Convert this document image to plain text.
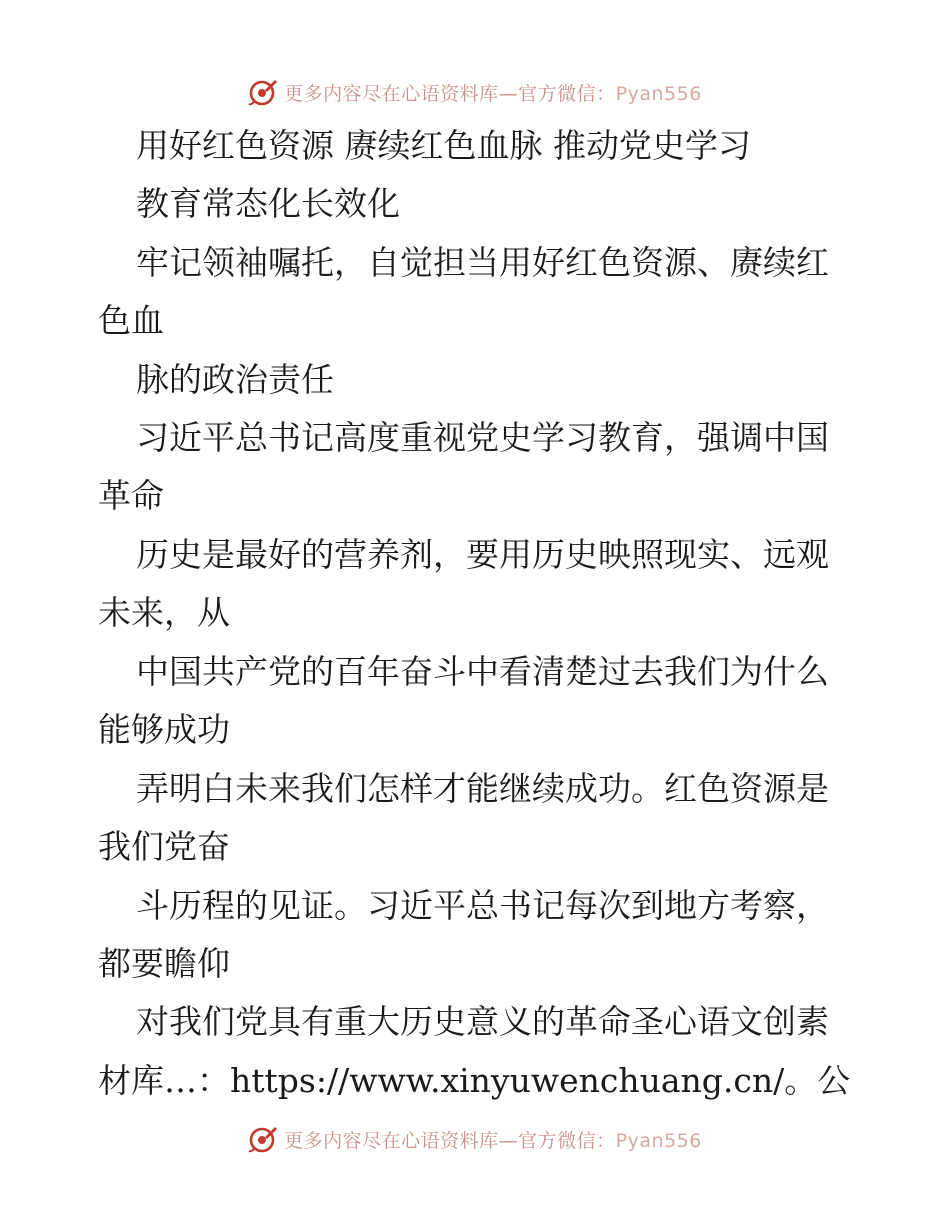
更多内容尽在心语资料库—官方微信：Pyan556
用好红色资源 赓续红色血脉 推动党史学习
教育常态化长效化
牢记领袖嘱托，自觉担当用好红色资源、赓续红
色血
脉的政治责任
习近平总书记高度重视党史学习教育，强调中国
革命
历史是最好的营养剂，要用历史映照现实、远观
未来，从
中国共产党的百年奋斗中看清楚过去我们为什么
能够成功
弄明白未来我们怎样才能继续成功。红色资源是
我们党奋
斗历程的见证。习近平总书记每次到地方考察，
都要瞻仰
对我们党具有重大历史意义的革命圣心语文创素
材库…：https://www.xinyuwenchuang.cn/。公
更多内容尽在心语资料库—官方微信：Pyan556
